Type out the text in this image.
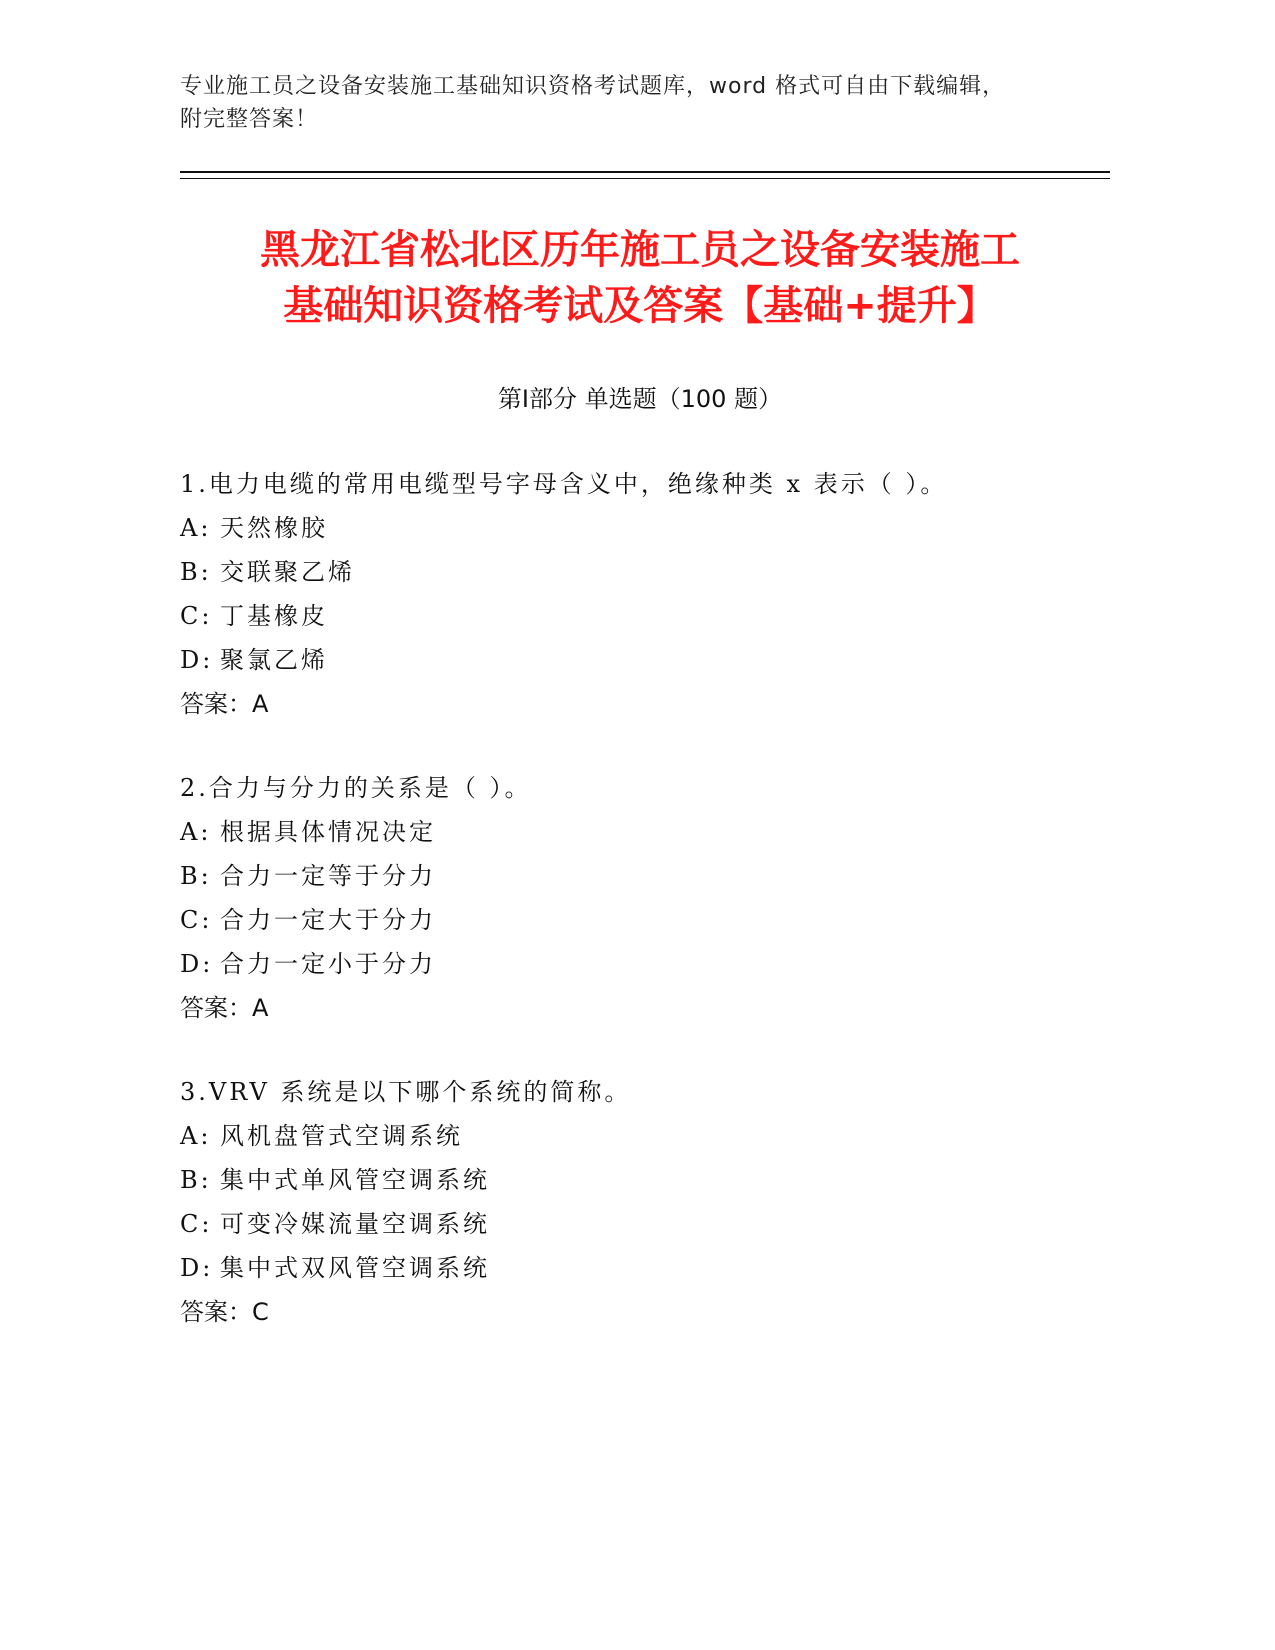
专业施工员之设备安装施工基础知识资格考试题库，word 格式可自由下载编辑，
附完整答案！
黑龙江省松北区历年施工员之设备安装施工
基础知识资格考试及答案【基础+提升】
第Ⅰ部分 单选题（100 题）
1.电力电缆的常用电缆型号字母含义中，绝缘种类 x 表示（ ）。
A: 天然橡胶
B: 交联聚乙烯
C: 丁基橡皮
D: 聚氯乙烯
答案：A
2.合力与分力的关系是（ ）。
A: 根据具体情况决定
B: 合力一定等于分力
C: 合力一定大于分力
D: 合力一定小于分力
答案：A
3.VRV 系统是以下哪个系统的简称。
A: 风机盘管式空调系统
B: 集中式单风管空调系统
C: 可变冷媒流量空调系统
D: 集中式双风管空调系统
答案：C
